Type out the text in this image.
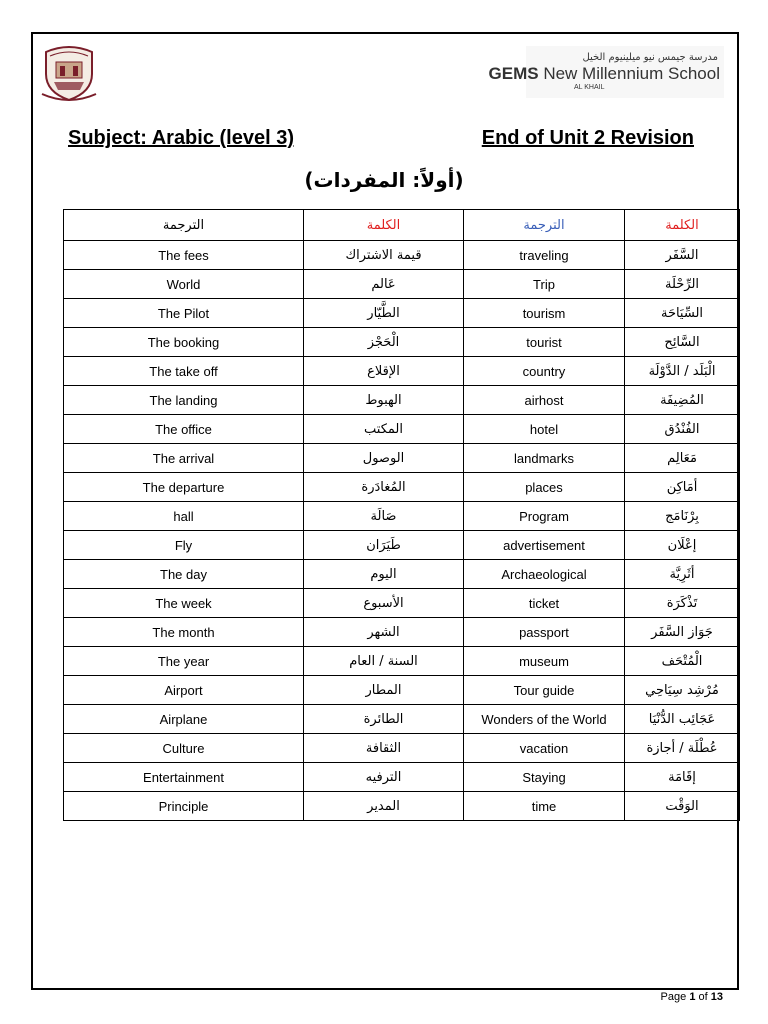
مدرسة جيمس نيو ميلينيوم الخيل
GEMS New Millennium School
AL KHAIL
Subject: Arabic (level 3)	End of Unit 2 Revision
(أولاً: المفردات)
الترجمة	الكلمة	الترجمة	الكلمة
The fees	قيمة الاشتراك	traveling	السَّفَر
World	عَالم	Trip	الرِّحْلَة
The Pilot	الطَّيّار	tourism	السِّيَاحَة
The booking	الْحَجْز	tourist	السَّائِح
The take off	الإقلاع	country	الْبَلَد / الدَّوْلَة
The landing	الهبوط	airhost	المُضِيفَة
The office	المكتب	hotel	الفُنْدُق
The arrival	الوصول	landmarks	مَعَالِم
The departure	المُغادَرة	places	أمَاكِن
hall	صَالَة	Program	بِرْنَامَج
Fly	طَيَرَان	advertisement	إعْلَان
The day	اليوم	Archaeological	أثَرِيَّة
The week	الأسبوع	ticket	تَذْكَرَة
The month	الشهر	passport	جَوَاز السَّفَر
The year	السنة / العام	museum	الْمُتْحَف
Airport	المطار	Tour guide	مُرْشِد سِيَاحِي
Airplane	الطائرة	Wonders of the World	عَجَائِب الدُّنْيَا
Culture	الثقافة	vacation	عُطْلَة / أجازة
Entertainment	الترفيه	Staying	إقَامَة
Principle	المدير	time	الوَقْت
Page 1 of 13
